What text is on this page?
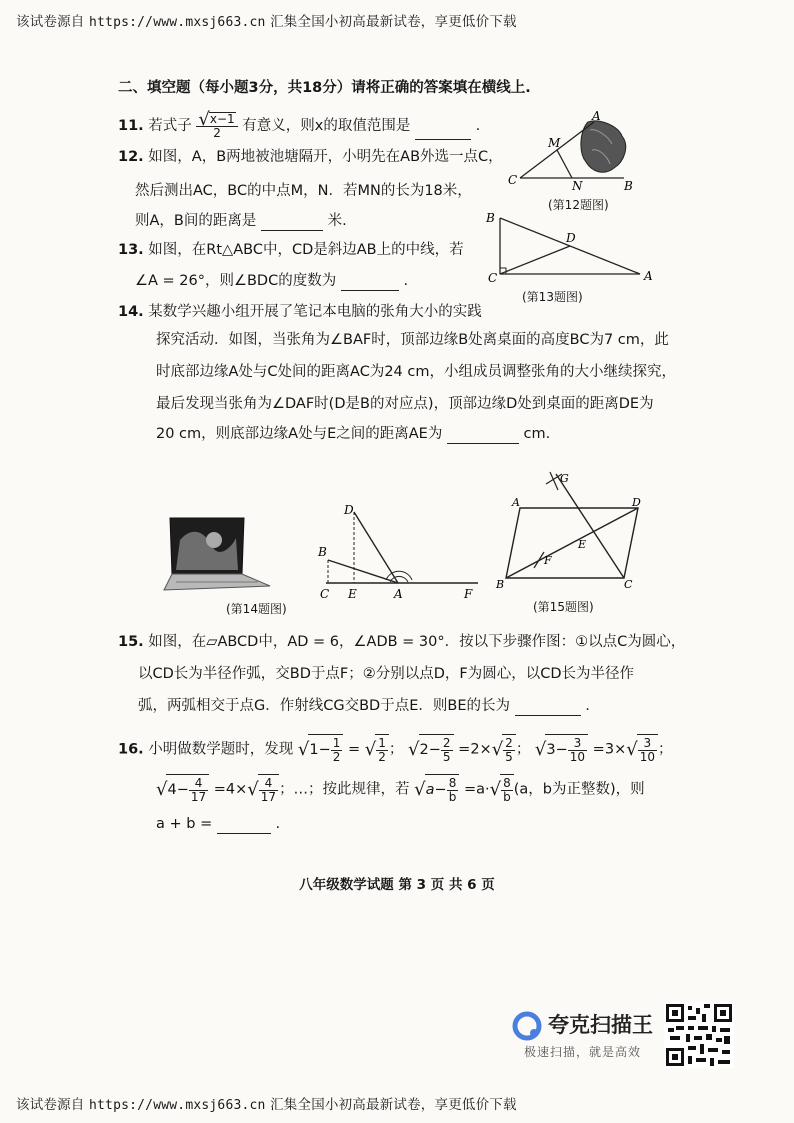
该试卷源自 https://www.mxsj663.cn 汇集全国小初高最新试卷，享更低价下载
二、填空题（每小题3分，共18分）请将正确的答案填在横线上.
11. 若式子 $\frac{√x-1}{2}$ 有意义，则x的取值范围是	.
12. 如图，A，B两地被池塘隔开，小明先在AB外选一点C，
然后测出AC，BC的中点M，N．若MN的长为18米，
则A，B间的距离是	米.
A
M
C	N	B
(第12题图)
B
D
C	A
13. 如图，在Rt△ABC中，CD是斜边AB上的中线，若
∠A = 26°，则∠BDC的度数为	.
(第13题图)
14. 某数学兴趣小组开展了笔记本电脑的张角大小的实践
探究活动．如图，当张角为∠BAF时，顶部边缘B处离桌面的高度BC为7 cm，此
时底部边缘A处与C处间的距离AC为24 cm，小组成员调整张角的大小继续探究，
最后发现当张角为∠DAF时(D是B的对应点)，顶部边缘D处到桌面的距离DE为
20 cm，则底部边缘A处与E之间的距离AE为	cm.
D
B
C E	A	F
(第14题图)
G
A	D
E
F
B	C
(第15题图)
15. 如图，在▱ABCD中，AD = 6，∠ADB = 30°．按以下步骤作图：①以点C为圆心，
以CD长为半径作弧，交BD于点F；②分别以点D，F为圆心，以CD长为半径作
弧，两弧相交于点G．作射线CG交BD于点E．则BE的长为	.
16. 小明做数学题时，发现 $√1- \frac{1}{2}$ = √ $\frac{1}{2}$ ； $√2- \frac{2}{5} =2\times√ \frac{2}{5}$ ； $√3- \frac{3}{10} =3\times√ \frac{3}{10}$ ；
$√4- \frac{4}{17} =4\times√ \frac{4}{17}$ ；…；按此规律，若 $√a- \frac{8}{b} =a\cdot√ \frac{8}{b} (a$，b为正整数)，则
a + b =	.
八年级数学试题 第 3 页 共 6 页
夸克扫描王
极速扫描，就是高效
该试卷源自 https://www.mxsj663.cn 汇集全国小初高最新试卷，享更低价下载
